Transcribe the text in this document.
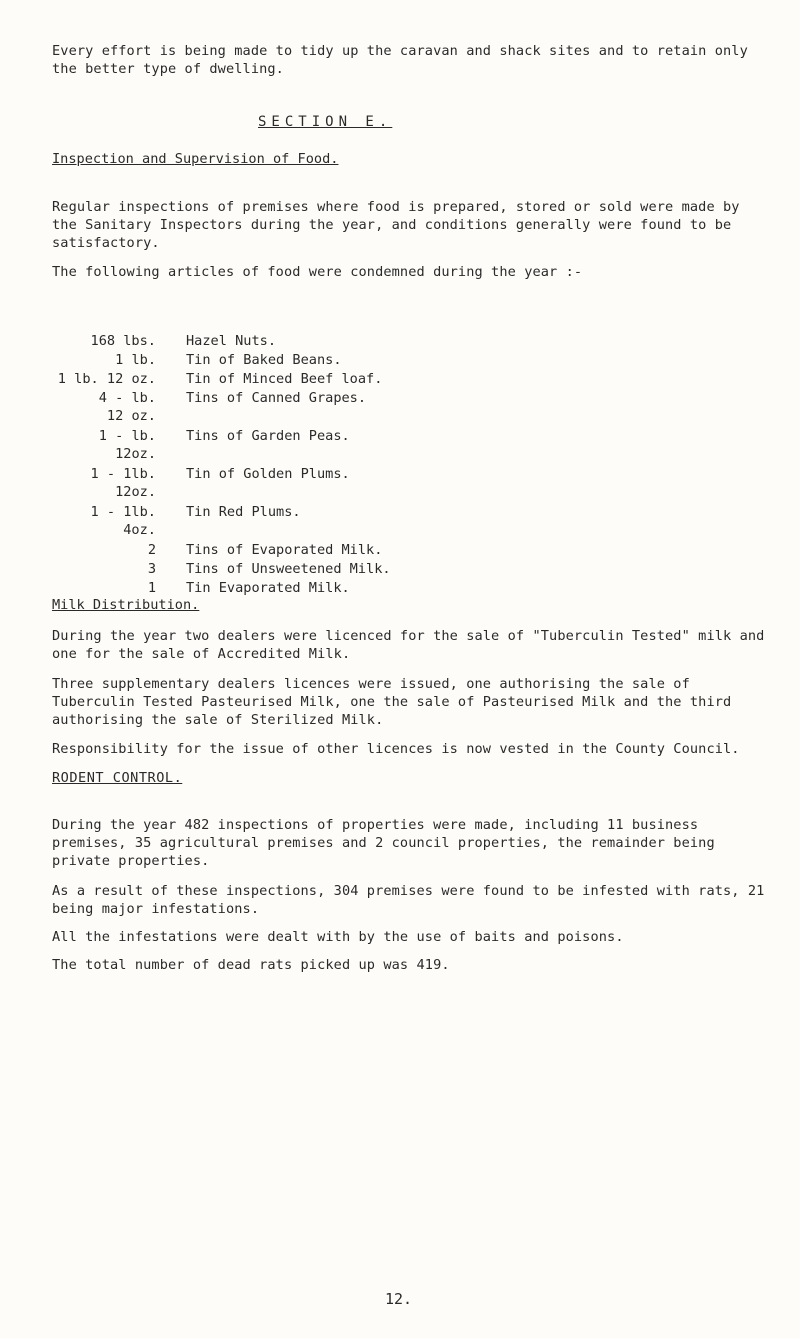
Every effort is being made to tidy up the caravan and shack sites and to retain only the better type of dwelling.

SECTION E.

Inspection and Supervision of Food.

Regular inspections of premises where food is prepared, stored or sold were made by the Sanitary Inspectors during the year, and conditions generally were found to be satisfactory.

The following articles of food were condemned during the year :-

168 lbs. Hazel Nuts.
1 lb. Tin of Baked Beans.
1 lb. 12 oz. Tin of Minced Beef loaf.
4 - lb.
12 oz.
Tins of Canned Grapes.
1 - lb.
12oz.
Tins of Garden Peas.
1 - 1lb.
12oz.
Tin of Golden Plums.
1 - 1lb.
4oz.
Tin Red Plums.
2 Tins of Evaporated Milk.
3 Tins of Unsweetened Milk.
1 Tin Evaporated Milk.

Milk Distribution.

During the year two dealers were licenced for the sale of "Tuberculin Tested" milk and one for the sale of Accredited Milk.

Three supplementary dealers licences were issued, one authorising the sale of Tuberculin Tested Pasteurised Milk, one the sale of Pasteurised Milk and the third authorising the sale of Sterilized Milk.

Responsibility for the issue of other licences is now vested in the County Council.

RODENT CONTROL.

During the year 482 inspections of properties were made, including 11 business premises, 35 agricultural premises and 2 council properties, the remainder being private properties.

As a result of these inspections, 304 premises were found to be infested with rats, 21 being major infestations.

All the infestations were dealt with by the use of baits and poisons.

The total number of dead rats picked up was 419.

12.
